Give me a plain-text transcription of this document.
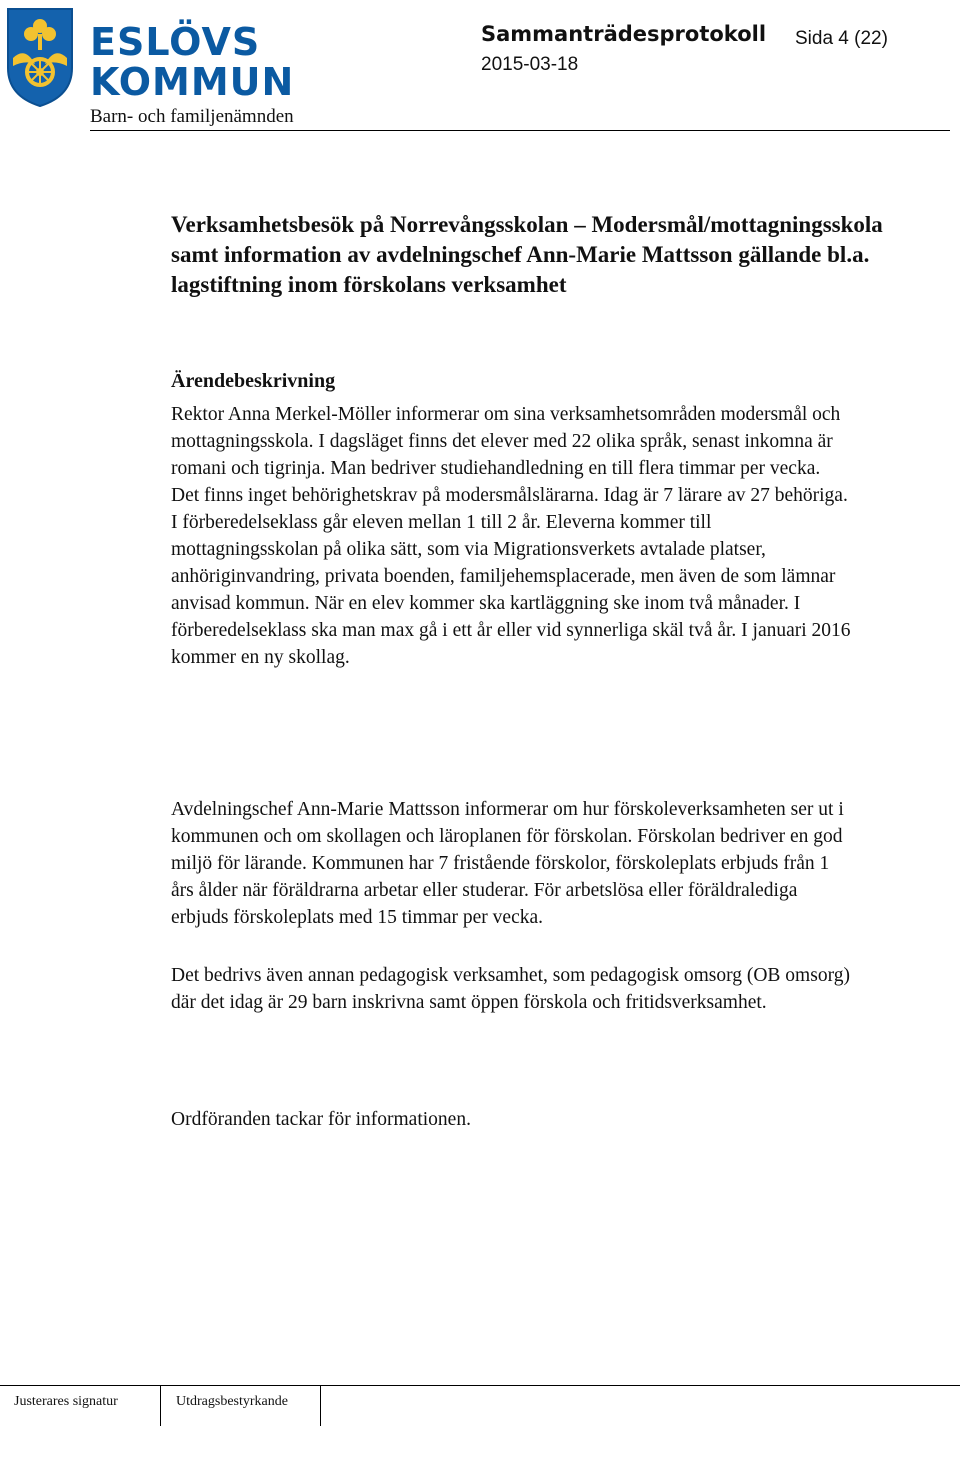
ESLÖVS
KOMMUN
Barn- och familjenämnden
Sammanträdesprotokoll Sida 4 (22)
2015-03-18
Verksamhetsbesök på Norrevångsskolan – Modersmål/mottagningsskola samt information av avdelningschef Ann-Marie Mattsson gällande bl.a. lagstiftning inom förskolans verksamhet
Ärendebeskrivning
Rektor Anna Merkel-Möller informerar om sina verksamhetsområden modersmål och mottagningsskola. I dagsläget finns det elever med 22 olika språk, senast inkomna är romani och tigrinja. Man bedriver studiehandledning en till flera timmar per vecka. Det finns inget behörighetskrav på modersmålslärarna. Idag är 7 lärare av 27 behöriga. I förberedelseklass går eleven mellan 1 till 2 år. Eleverna kommer till mottagningsskolan på olika sätt, som via Migrationsverkets avtalade platser, anhöriginvandring, privata boenden, familjehemsplacerade, men även de som lämnar anvisad kommun. När en elev kommer ska kartläggning ske inom två månader. I förberedelseklass ska man max gå i ett år eller vid synnerliga skäl två år. I januari 2016 kommer en ny skollag.
Avdelningschef Ann-Marie Mattsson informerar om hur förskoleverksamheten ser ut i kommunen och om skollagen och läroplanen för förskolan. Förskolan bedriver en god miljö för lärande. Kommunen har 7 fristående förskolor, förskoleplats erbjuds från 1 års ålder när föräldrarna arbetar eller studerar. För arbetslösa eller föräldralediga erbjuds förskoleplats med 15 timmar per vecka.
Det bedrivs även annan pedagogisk verksamhet, som pedagogisk omsorg (OB omsorg) där det idag är 29 barn inskrivna samt öppen förskola och fritidsverksamhet.
Ordföranden tackar för informationen.
Justerares signatur	Utdragsbestyrkande
